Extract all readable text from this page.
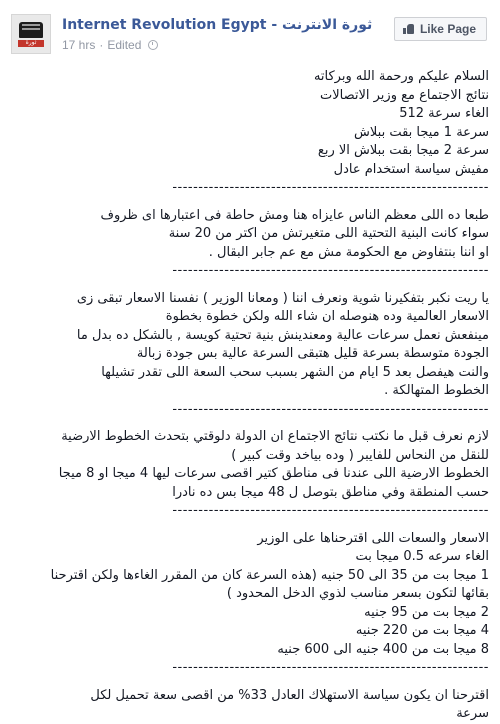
ثورة
Internet Revolution Egypt - ثورة الانترنت
17 hrs · Edited
Like Page
السلام عليكم ورحمة الله وبركاته
نتائج الاجتماع مع وزير الاتصالات
الغاء سرعة 512
سرعة 1 ميجا بقت ببلاش
سرعة 2 ميجا بقت ببلاش الا ربع
مفيش سياسة استخدام عادل
-------------------------------------------------------------
طبعا ده اللى معظم الناس عايزاه هنا ومش حاطة فى اعتبارها اى ظروف
سواء كانت البنية التحتية اللى متغيرتش من اكتر من 20 سنة
او اننا بنتفاوض مع الحكومة مش مع عم جابر البقال .
-------------------------------------------------------------
يا ريت نكبر بتفكيرنا شوية ونعرف اننا ( ومعانا الوزير ) نفسنا الاسعار تبقى زى
الاسعار العالمية وده هنوصله ان شاء الله ولكن خطوة بخطوة
مينفعش نعمل سرعات عالية ومعندينش بنية تحتية كويسة , بالشكل ده بدل ما
الجودة متوسطة بسرعة قليل هتبقى السرعة عالية بس جودة زبالة
والنت هيفصل بعد 5 ايام من الشهر بسبب سحب السعة اللى تقدر تشيلها
الخطوط المتهالكة .
-------------------------------------------------------------
لازم نعرف قبل ما نكتب نتائج الاجتماع ان الدولة دلوقتي بتحدث الخطوط الارضية
للنقل من النحاس للفايبر ( وده بياخد وقت كبير )
الخطوط الارضية اللى عندنا فى مناطق كتير اقصى سرعات ليها 4 ميجا او 8 ميجا
حسب المنطقة وفي مناطق بتوصل ل 48 ميجا بس ده نادرا
-------------------------------------------------------------
الاسعار والسعات اللى اقترحناها على الوزير
الغاء سرعه 0.5 ميجا بت
1 ميجا بت من 35 الى 50 جنيه (هذه السرعة كان من المقرر الغاءها ولكن اقترحنا
بقائها لتكون بسعر مناسب لذوي الدخل المحدود )
2 ميجا بت من 95 جنيه
4 ميجا بت من 220 جنيه
8 ميجا بت من 400 جنيه الى 600 جنيه
-------------------------------------------------------------
اقترحنا ان يكون سياسة الاستهلاك العادل 33% من اقصى سعة تحميل لكل
سرعة
